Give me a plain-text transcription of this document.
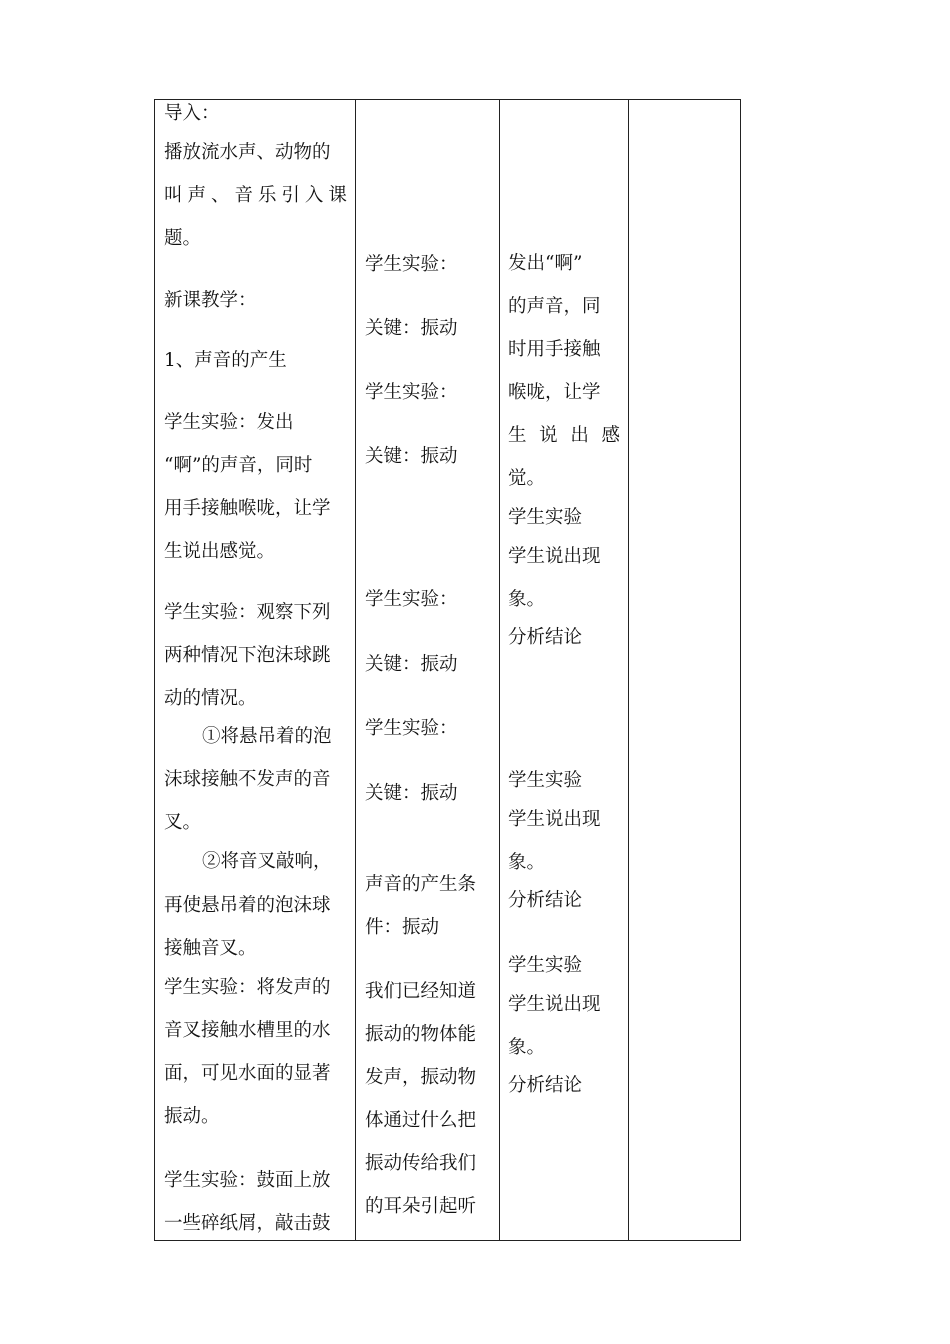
导入：
播放流水声、动物的
叫 声 、 音 乐 引 入 课
题。
新课教学：
1、声音的产生
学生实验：发出
“啊”的声音，同时
用手接触喉咙，让学
生说出感觉。
学生实验：观察下列
两种情况下泡沫球跳
动的情况。
①将悬吊着的泡
沫球接触不发声的音
叉。
②将音叉敲响，
再使悬吊着的泡沫球
接触音叉。
学生实验：将发声的
音叉接触水槽里的水
面，可见水面的显著
振动。
学生实验：鼓面上放
一些碎纸屑，敲击鼓
学生实验：
关键：振动
学生实验：
关键：振动
学生实验：
关键：振动
学生实验：
关键：振动
声音的产生条
件：振动
我们已经知道
振动的物体能
发声，振动物
体通过什么把
振动传给我们
的耳朵引起听
发出“啊”
的声音，同
时用手接触
喉咙，让学
生 说 出 感
觉。
学生实验
学生说出现
象。
分析结论
学生实验
学生说出现
象。
分析结论
学生实验
学生说出现
象。
分析结论
